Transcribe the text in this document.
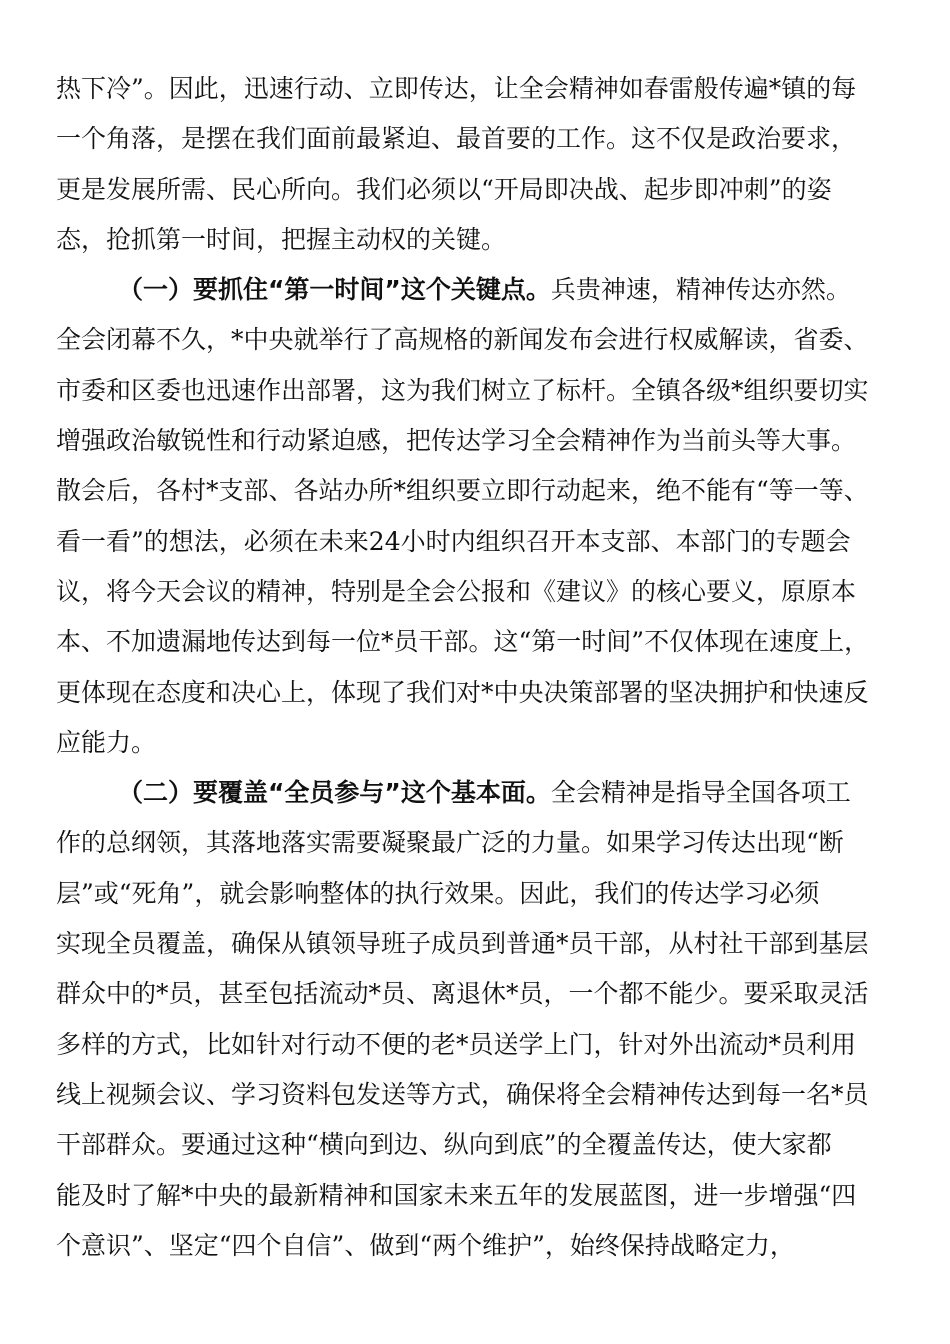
热下冷”。因此，迅速行动、立即传达，让全会精神如春雷般传遍*镇的每
一个角落，是摆在我们面前最紧迫、最首要的工作。这不仅是政治要求，
更是发展所需、民心所向。我们必须以“开局即决战、起步即冲刺”的姿
态，抢抓第一时间，把握主动权的关键。
（一）要抓住“第一时间”这个关键点。兵贵神速，精神传达亦然。
全会闭幕不久，*中央就举行了高规格的新闻发布会进行权威解读，省委、
市委和区委也迅速作出部署，这为我们树立了标杆。全镇各级*组织要切实
增强政治敏锐性和行动紧迫感，把传达学习全会精神作为当前头等大事。
散会后，各村*支部、各站办所*组织要立即行动起来，绝不能有“等一等、
看一看”的想法，必须在未来24小时内组织召开本支部、本部门的专题会
议，将今天会议的精神，特别是全会公报和《建议》的核心要义，原原本
本、不加遗漏地传达到每一位*员干部。这“第一时间”不仅体现在速度上，
更体现在态度和决心上，体现了我们对*中央决策部署的坚决拥护和快速反
应能力。
（二）要覆盖“全员参与”这个基本面。全会精神是指导全国各项工
作的总纲领，其落地落实需要凝聚最广泛的力量。如果学习传达出现“断
层”或“死角”，就会影响整体的执行效果。因此，我们的传达学习必须
实现全员覆盖，确保从镇领导班子成员到普通*员干部，从村社干部到基层
群众中的*员，甚至包括流动*员、离退休*员，一个都不能少。要采取灵活
多样的方式，比如针对行动不便的老*员送学上门，针对外出流动*员利用
线上视频会议、学习资料包发送等方式，确保将全会精神传达到每一名*员
干部群众。要通过这种“横向到边、纵向到底”的全覆盖传达，使大家都
能及时了解*中央的最新精神和国家未来五年的发展蓝图，进一步增强“四
个意识”、坚定“四个自信”、做到“两个维护”，始终保持战略定力，
